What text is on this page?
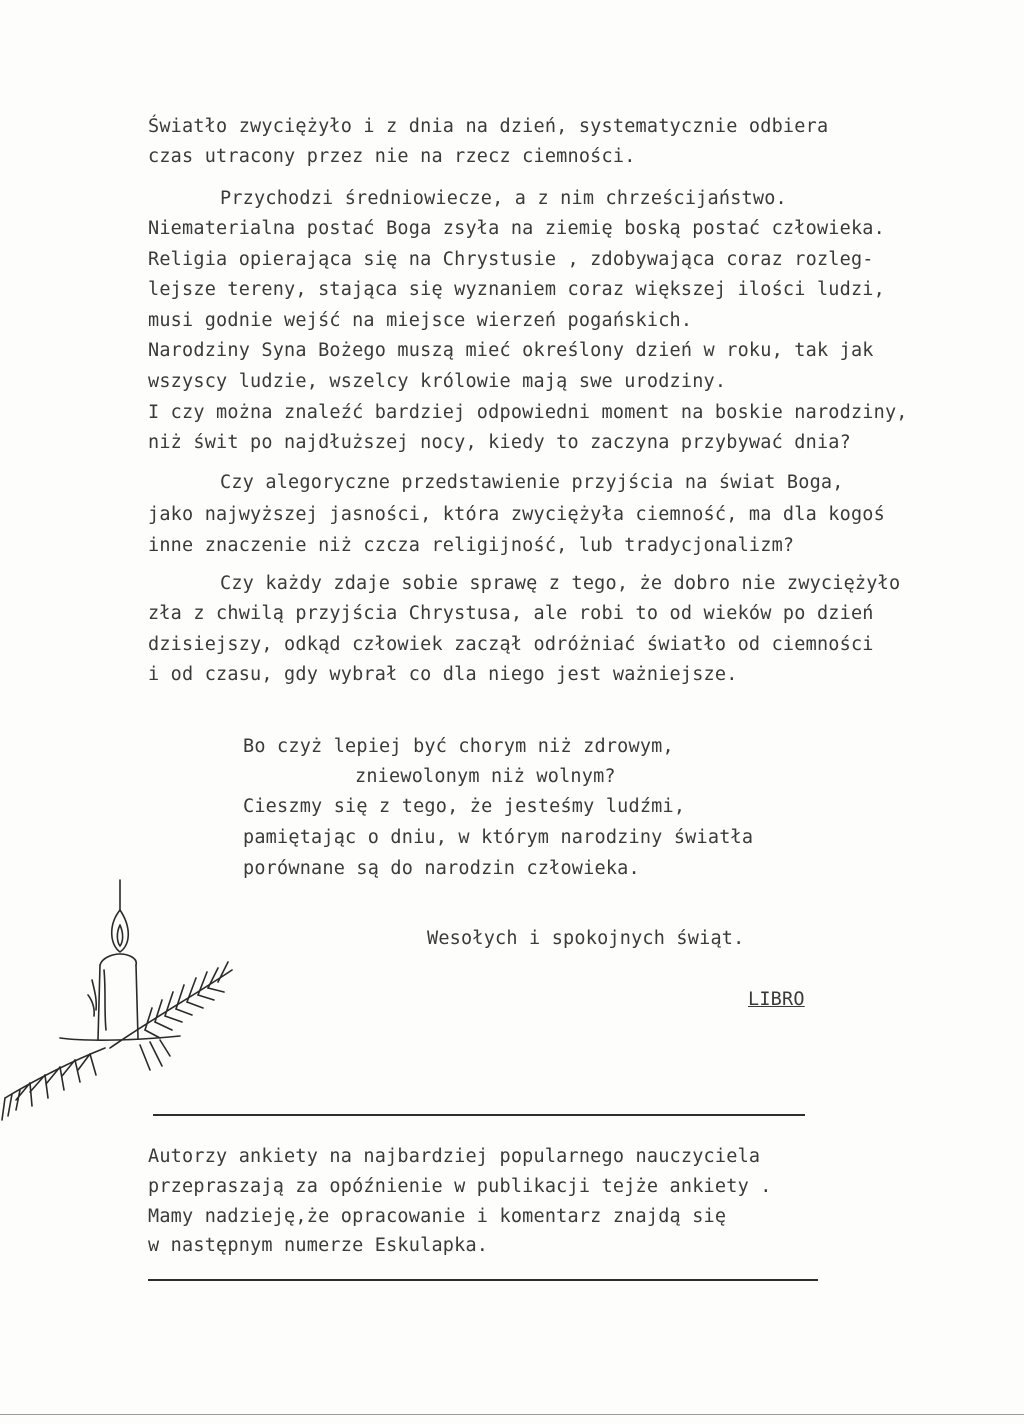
Światło zwyciężyło i z dnia na dzień, systematycznie odbiera
czas utracony przez nie na rzecz ciemności.
Przychodzi średniowiecze, a z nim chrześcijaństwo.
Niematerialna postać Boga zsyła na ziemię boską postać człowieka.
Religia opierająca się na Chrystusie , zdobywająca coraz rozleg-
lejsze tereny, stająca się wyznaniem coraz większej ilości ludzi,
musi godnie wejść na miejsce wierzeń pogańskich.
Narodziny Syna Bożego muszą mieć określony dzień w roku, tak jak
wszyscy ludzie, wszelcy królowie mają swe urodziny.
I czy można znaleźć bardziej odpowiedni moment na boskie narodziny,
niż świt po najdłuższej nocy, kiedy to zaczyna przybywać dnia?
Czy alegoryczne przedstawienie przyjścia na świat Boga,
jako najwyższej jasności, która zwyciężyła ciemność, ma dla kogoś
inne znaczenie niż czcza religijność, lub tradycjonalizm?
Czy każdy zdaje sobie sprawę z tego, że dobro nie zwyciężyło
zła z chwilą przyjścia Chrystusa, ale robi to od wieków po dzień
dzisiejszy, odkąd człowiek zaczął odróżniać światło od ciemności
i od czasu, gdy wybrał co dla niego jest ważniejsze.
Bo czyż lepiej być chorym niż zdrowym,
zniewolonym niż wolnym?
Cieszmy się z tego, że jesteśmy ludźmi,
pamiętając o dniu, w którym narodziny światła
porównane są do narodzin człowieka.
Wesołych i spokojnych świąt.
LIBRO
Autorzy ankiety na najbardziej popularnego nauczyciela
przepraszają za opóźnienie w publikacji tejże ankiety .
Mamy nadzieję,że opracowanie i komentarz znajdą się
w następnym numerze Eskulapka.
